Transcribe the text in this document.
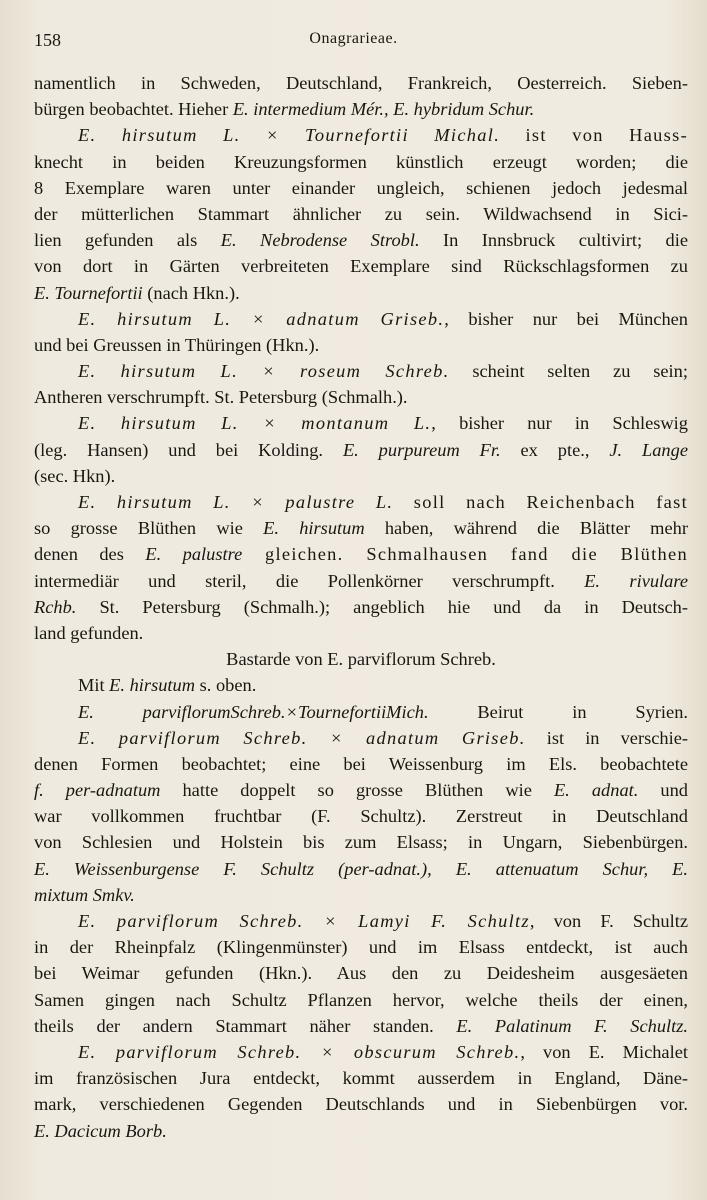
158	Onagrarieae.
namentlich in Schweden, Deutschland, Frankreich, Oesterreich. Sieben-
bürgen beobachtet. Hieher E. intermedium Mér., E. hybridum Schur.
E. hirsutum L. × Tournefortii Michal. ist von Hauss-
knecht in beiden Kreuzungsformen künstlich erzeugt worden; die
8 Exemplare waren unter einander ungleich, schienen jedoch jedesmal
der mütterlichen Stammart ähnlicher zu sein. Wildwachsend in Sici-
lien gefunden als E. Nebrodense Strobl. In Innsbruck cultivirt; die
von dort in Gärten verbreiteten Exemplare sind Rückschlagsformen zu
E. Tournefortii (nach Hkn.).
E. hirsutum L. × adnatum Griseb., bisher nur bei München
und bei Greussen in Thüringen (Hkn.).
E. hirsutum L. × roseum Schreb. scheint selten zu sein;
Antheren verschrumpft. St. Petersburg (Schmalh.).
E. hirsutum L. × montanum L., bisher nur in Schleswig
(leg. Hansen) und bei Kolding. E. purpureum Fr. ex pte., J. Lange
(sec. Hkn).
E. hirsutum L. × palustre L. soll nach Reichenbach fast
so grosse Blüthen wie E. hirsutum haben, während die Blätter mehr
denen des E. palustre gleichen. Schmalhausen fand die Blüthen
intermediär und steril, die Pollenkörner verschrumpft. E. rivulare
Rchb. St. Petersburg (Schmalh.); angeblich hie und da in Deutsch-
land gefunden.
Bastarde von E. parviflorum Schreb.
Mit E. hirsutum s. oben.
E. parviflorumSchreb.×TournefortiiMich. Beirut in Syrien.
E. parviflorum Schreb. × adnatum Griseb. ist in verschie-
denen Formen beobachtet; eine bei Weissenburg im Els. beobachtete
f. per-adnatum hatte doppelt so grosse Blüthen wie E. adnat. und
war vollkommen fruchtbar (F. Schultz). Zerstreut in Deutschland
von Schlesien und Holstein bis zum Elsass; in Ungarn, Siebenbürgen.
E. Weissenburgense F. Schultz (per-adnat.), E. attenuatum Schur, E.
mixtum Smkv.
E. parviflorum Schreb. × Lamyi F. Schultz, von F. Schultz
in der Rheinpfalz (Klingenmünster) und im Elsass entdeckt, ist auch
bei Weimar gefunden (Hkn.). Aus den zu Deidesheim ausgesäeten
Samen gingen nach Schultz Pflanzen hervor, welche theils der einen,
theils der andern Stammart näher standen. E. Palatinum F. Schultz.
E. parviflorum Schreb. × obscurum Schreb., von E. Michalet
im französischen Jura entdeckt, kommt ausserdem in England, Däne-
mark, verschiedenen Gegenden Deutschlands und in Siebenbürgen vor.
E. Dacicum Borb.
